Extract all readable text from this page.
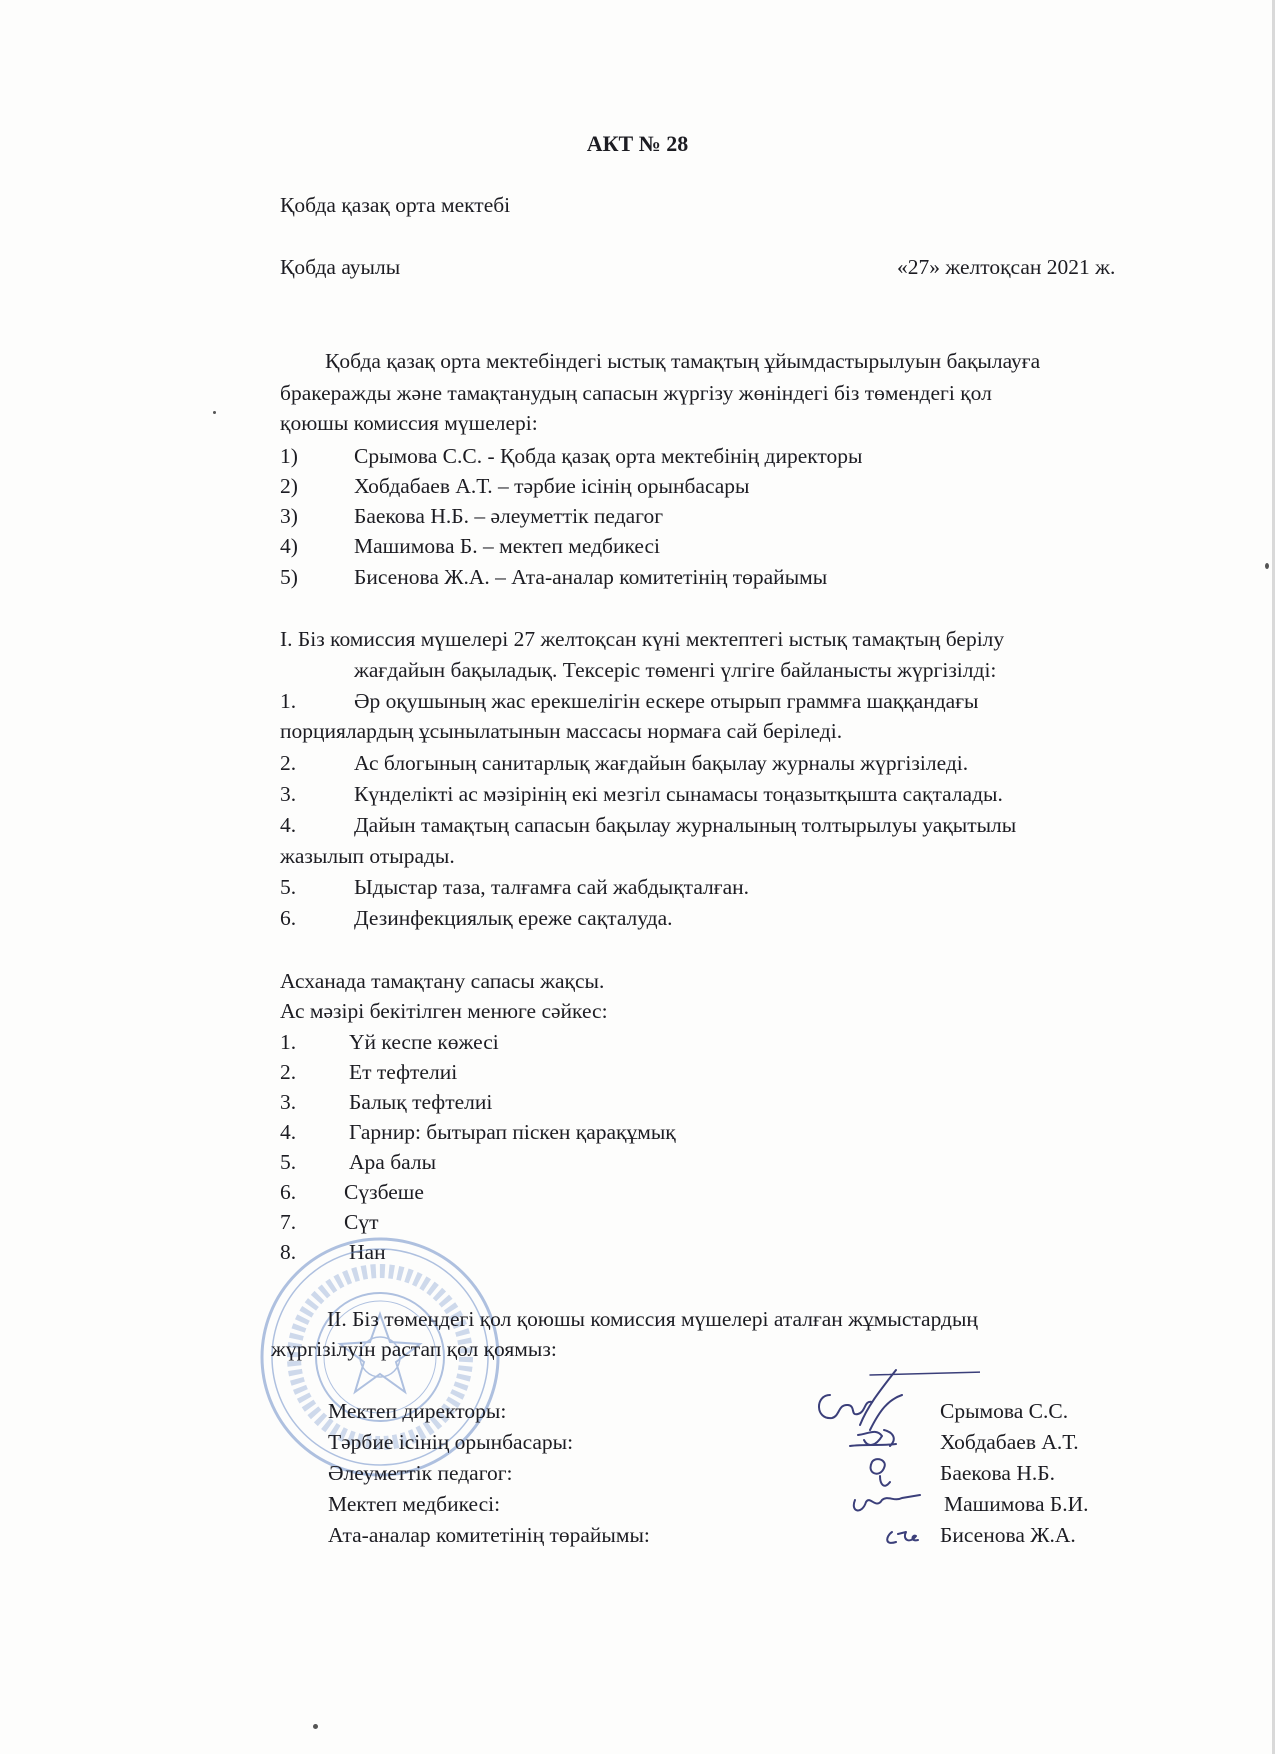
АКТ № 28
Қобда қазақ орта мектебі
Қобда ауылы	«27» желтоқсан 2021 ж.
Қобда қазақ орта мектебіндегі ыстық тамақтың ұйымдастырылуын бақылауға
бракеражды және тамақтанудың сапасын жүргізу жөніндегі біз төмендегі қол
қоюшы комиссия мүшелері:
1)	Срымова С.С. - Қобда қазақ орта мектебінің директоры
2)	Хобдабаев А.Т. – тәрбие ісінің орынбасары
3)	Баекова Н.Б. – әлеуметтік педагог
4)	Машимова Б. – мектеп медбикесі
5)	Бисенова Ж.А. – Ата-аналар комитетінің төрайымы
I. Біз комиссия мүшелері 27 желтоқсан күні мектептегі ыстық тамақтың берілу
жағдайын бақыладық. Тексеріс төменгі үлгіге байланысты жүргізілді:
1.	Әр оқушының жас ерекшелігін ескере отырып граммға шаққандағы
порциялардың ұсынылатынын массасы нормаға сай беріледі.
2.	Ас блогының санитарлық жағдайын бақылау журналы жүргізіледі.
3.	Күнделікті ас мәзірінің екі мезгіл сынамасы тоңазытқышта сақталады.
4.	Дайын тамақтың сапасын бақылау журналының толтырылуы уақытылы
жазылып отырады.
5.	Ыдыстар таза, талғамға сай жабдықталған.
6.	Дезинфекциялық ереже сақталуда.
Асханада тамақтану сапасы жақсы.
Ас мәзірі бекітілген менюге сәйкес:
1. Үй кеспе көжесі
2. Ет тефтелиі
3. Балық тефтелиі
4. Гарнир: бытырап піскен қарақұмық
5. Ара балы
6. Сүзбеше
7. Сүт
8. Нан
II. Біз төмендегі қол қоюшы комиссия мүшелері аталған жұмыстардың
жүргізілуін растап қол қоямыз:
Мектеп директоры:	Срымова С.С.
Тәрбие ісінің орынбасары:	Хобдабаев А.Т.
Әлеуметтік педагог:	Баекова Н.Б.
Мектеп медбикесі:	Машимова Б.И.
Ата-аналар комитетінің төрайымы:	Бисенова Ж.А.
